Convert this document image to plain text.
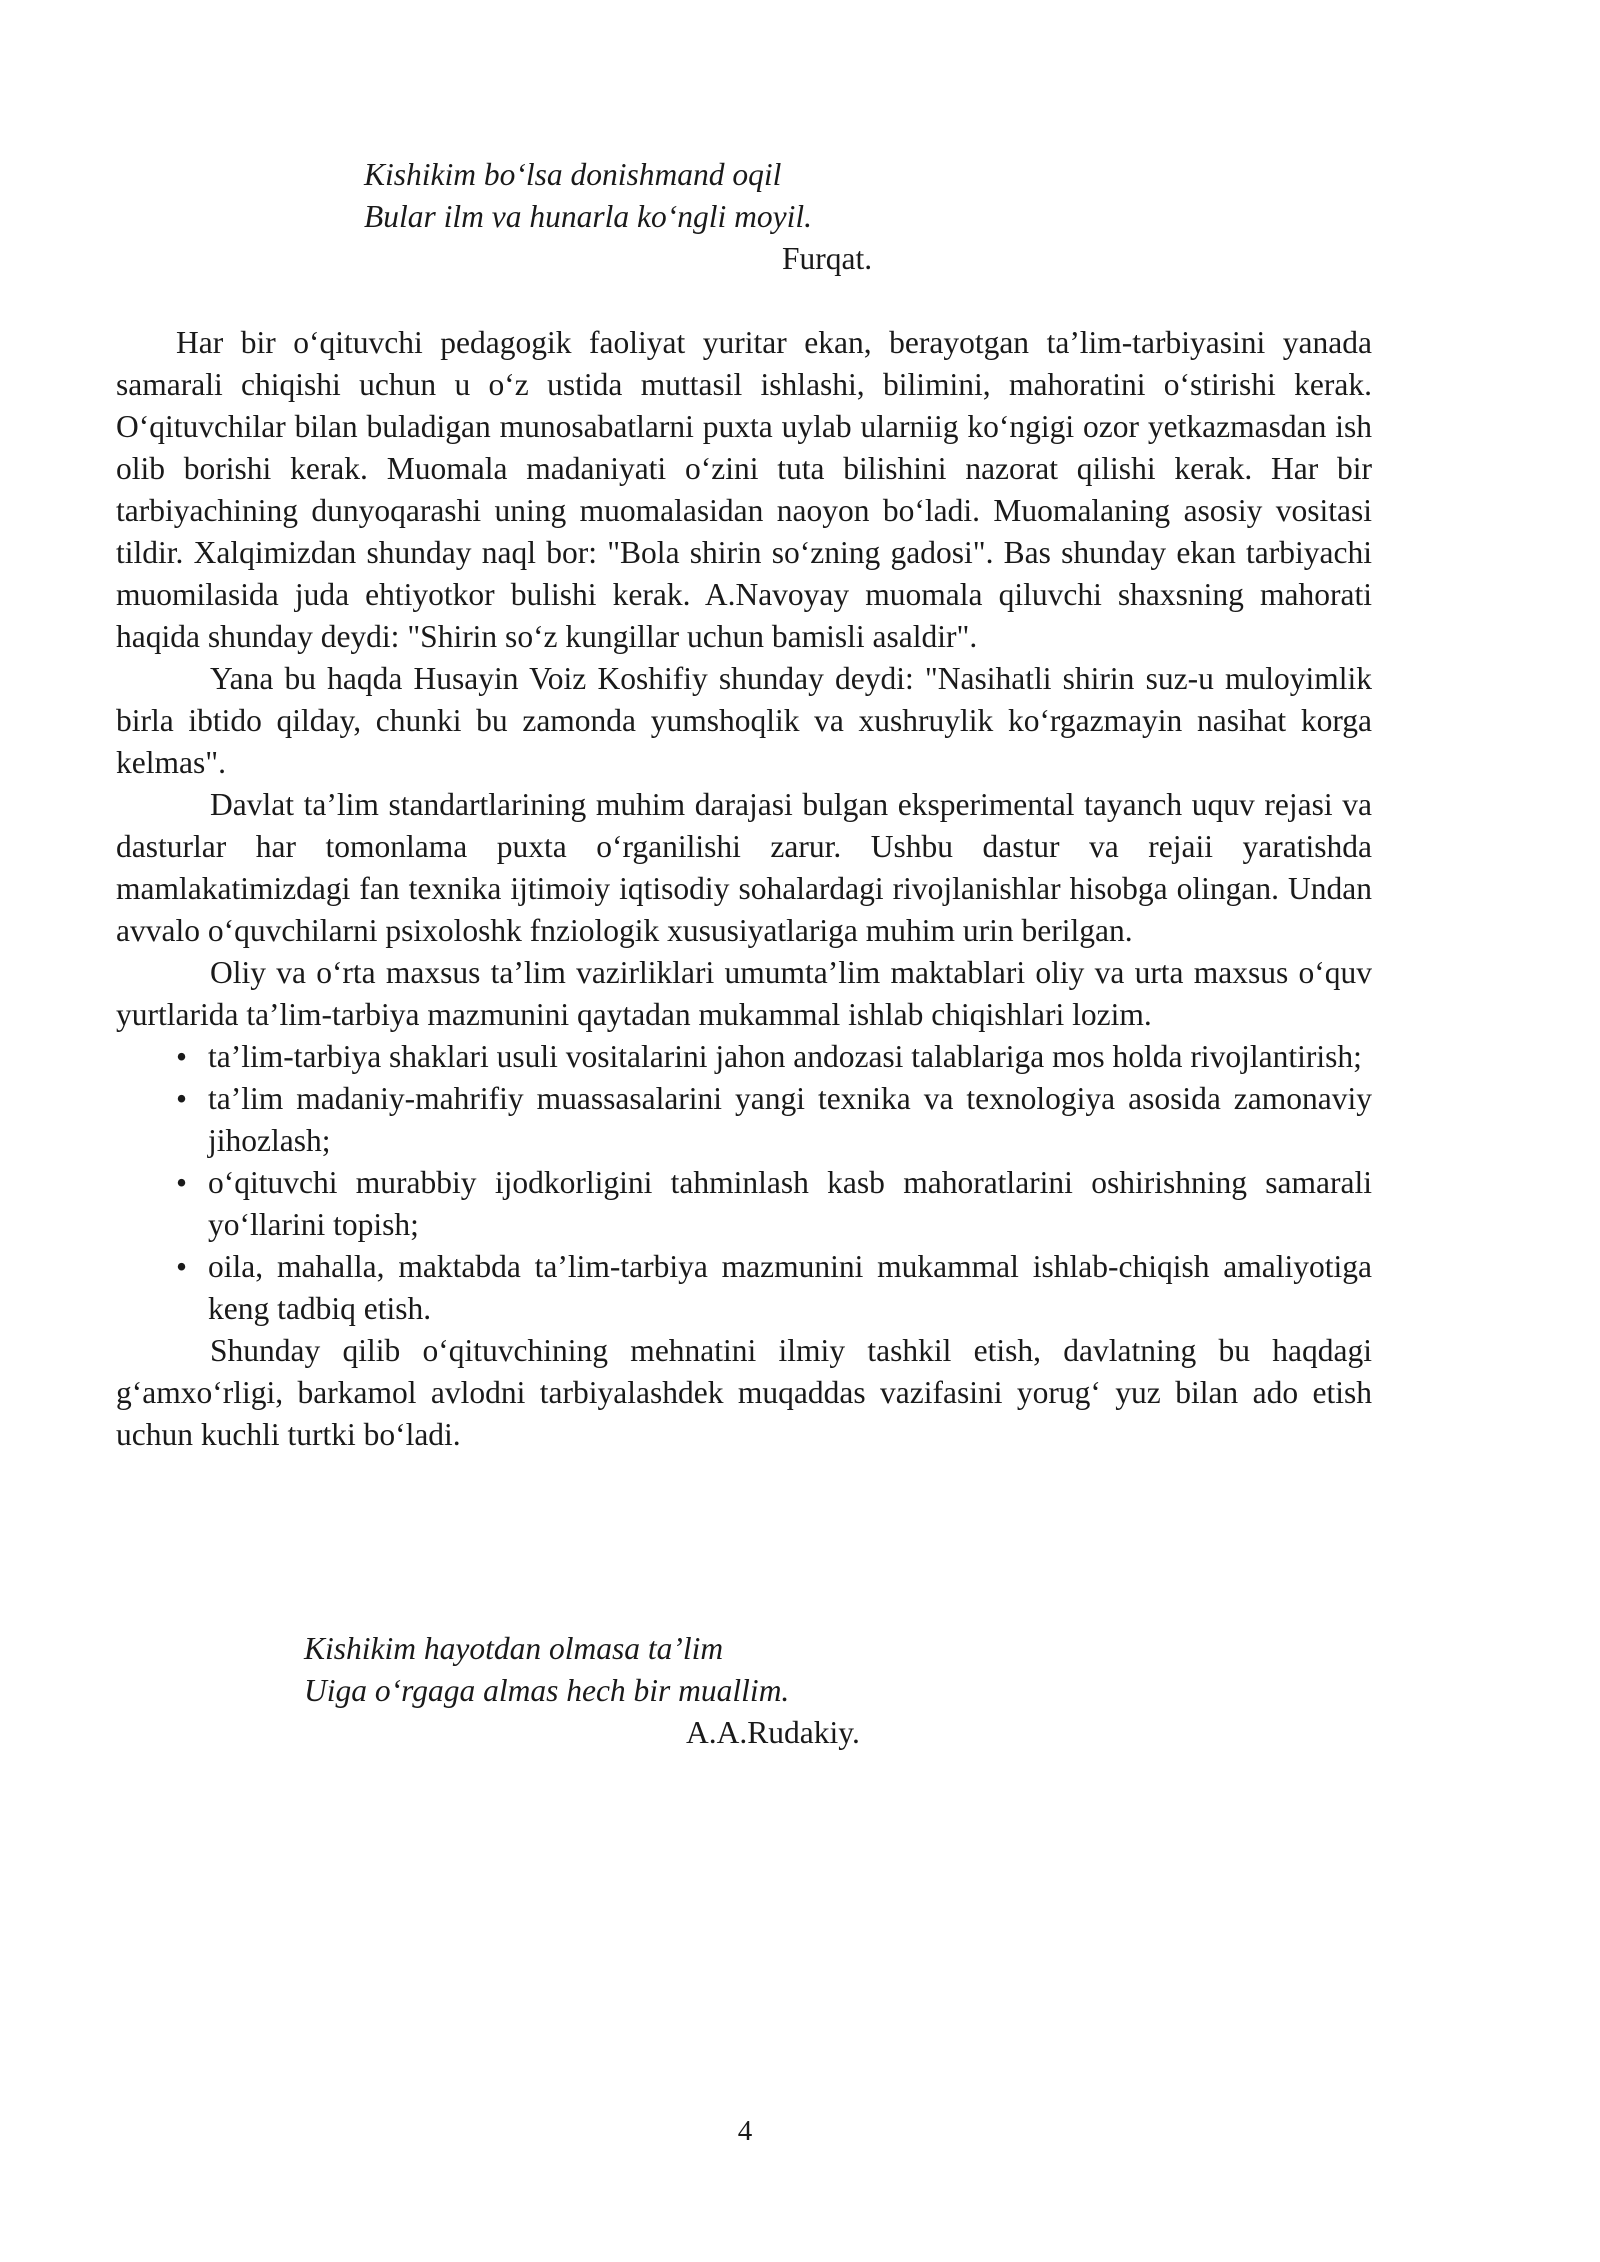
Kishikim bo‘lsa donishmand oqil
Bular ilm va hunarla ko‘ngli moyil.
Furqat.

Har bir o‘qituvchi pedagogik faoliyat yuritar ekan, berayotgan ta’lim-tarbiyasini yanada samarali chiqishi uchun u o‘z ustida muttasil ishlashi, bilimini, mahoratini o‘stirishi kerak. O‘qituvchilar bilan buladigan munosabatlarni puxta uylab ularniig ko‘ngigi ozor yetkazmasdan ish olib borishi kerak. Muomala madaniyati o‘zini tuta bilishini nazorat qilishi kerak. Har bir tarbiyachining dunyoqarashi uning muomalasidan naoyon bo‘ladi. Muomalaning asosiy vositasi tildir. Xalqimizdan shunday naql bor: "Bola shirin so‘zning gadosi". Bas shunday ekan tarbiyachi muomilasida juda ehtiyotkor bulishi kerak. A.Navoyay muomala qiluvchi shaxsning mahorati haqida shunday deydi: "Shirin so‘z kungillar uchun bamisli asaldir".

Yana bu haqda Husayin Voiz Koshifiy shunday deydi: "Nasihatli shirin suz-u muloyimlik birla ibtido qilday, chunki bu zamonda yumshoqlik va xushruylik ko‘rgazmayin nasihat korga kelmas".

Davlat ta’lim standartlarining muhim darajasi bulgan eksperimental tayanch uquv rejasi va dasturlar har tomonlama puxta o‘rganilishi zarur. Ushbu dastur va rejaii yaratishda mamlakatimizdagi fan texnika ijtimoiy iqtisodiy sohalardagi rivojlanishlar hisobga olingan. Undan avvalo o‘quvchilarni psixoloshk fnziologik xususiyatlariga muhim urin berilgan.

Oliy va o‘rta maxsus ta’lim vazirliklari umumta’lim maktablari oliy va urta maxsus o‘quv yurtlarida ta’lim-tarbiya mazmunini qaytadan mukammal ishlab chiqishlari lozim.

• ta’lim-tarbiya shaklari usuli vositalarini jahon andozasi talablariga mos holda rivojlantirish;
• ta’lim madaniy-mahrifiy muassasalarini yangi texnika va texnologiya asosida zamonaviy jihozlash;
• o‘qituvchi murabbiy ijodkorligini tahminlash kasb mahoratlarini oshirishning samarali yo‘llarini topish;
• oila, mahalla, maktabda ta’lim-tarbiya mazmunini mukammal ishlab-chiqish amaliyotiga keng tadbiq etish.

Shunday qilib o‘qituvchining mehnatini ilmiy tashkil etish, davlatning bu haqdagi g‘amxo‘rligi, barkamol avlodni tarbiyalashdek muqaddas vazifasini yorug‘ yuz bilan ado etish uchun kuchli turtki bo‘ladi.

Kishikim hayotdan olmasa ta’lim
Uiga o‘rgaga almas hech bir muallim.
A.A.Rudakiy.
4
